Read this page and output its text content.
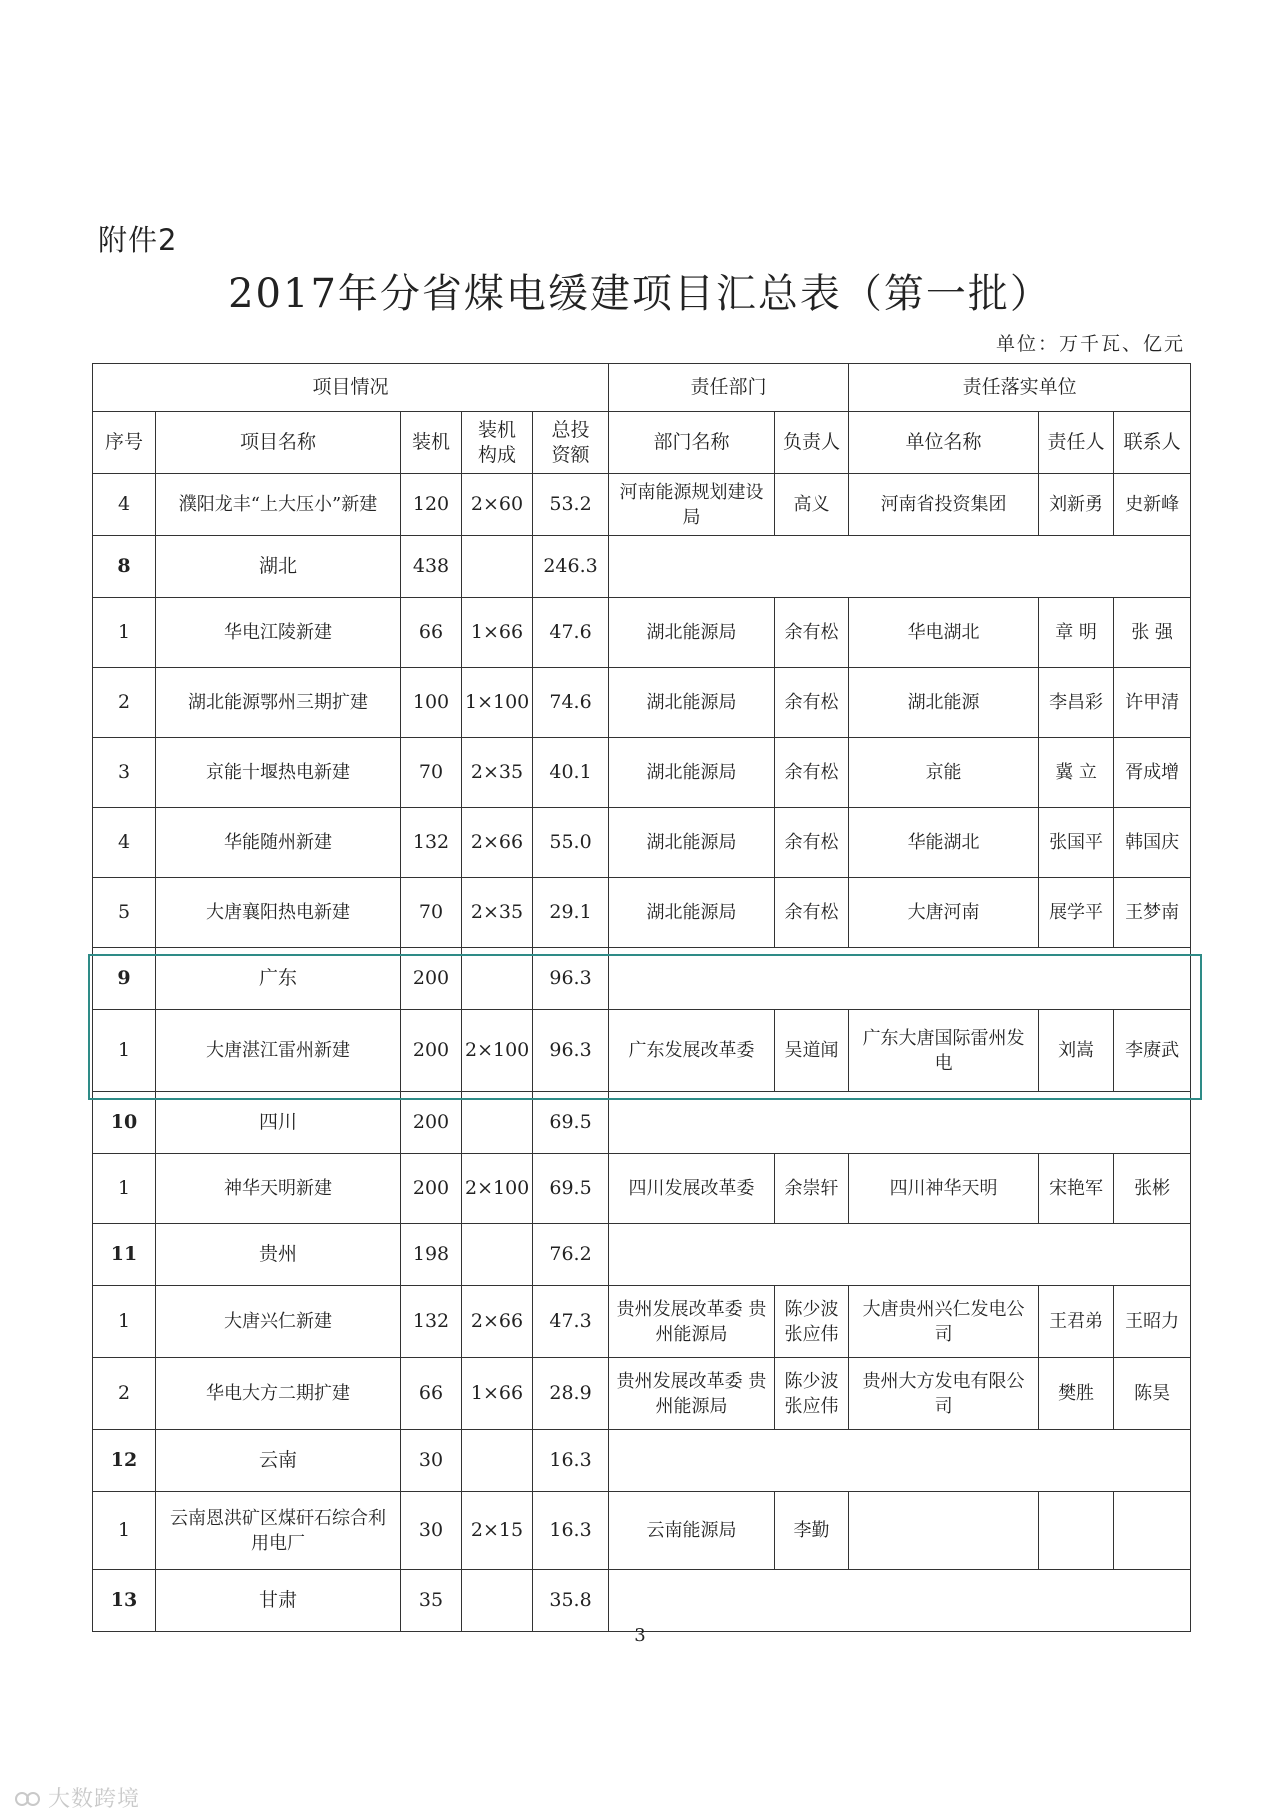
附件2
2017年分省煤电缓建项目汇总表（第一批）
单位：万千瓦、亿元
项目情况					责任部门		责任落实单位		
序号	项目名称	装机	装机构成	总投资额	部门名称	负责人	单位名称	责任人	联系人
4	濮阳龙丰“上大压小”新建	120	2×60	53.2	河南能源规划建设局	高义	河南省投资集团	刘新勇	史新峰
8	湖北	438		246.3					
1	华电江陵新建	66	1×66	47.6	湖北能源局	余有松	华电湖北	章 明	张 强
2	湖北能源鄂州三期扩建	100	1×100	74.6	湖北能源局	余有松	湖北能源	李昌彩	许甲清
3	京能十堰热电新建	70	2×35	40.1	湖北能源局	余有松	京能	冀 立	胥成增
4	华能随州新建	132	2×66	55.0	湖北能源局	余有松	华能湖北	张国平	韩国庆
5	大唐襄阳热电新建	70	2×35	29.1	湖北能源局	余有松	大唐河南	展学平	王梦南
9	广东	200		96.3					
1	大唐湛江雷州新建	200	2×100	96.3	广东发展改革委	吴道闻	广东大唐国际雷州发电	刘嵩	李赓武
10	四川	200		69.5					
1	神华天明新建	200	2×100	69.5	四川发展改革委	余崇轩	四川神华天明	宋艳军	张彬
11	贵州	198		76.2					
1	大唐兴仁新建	132	2×66	47.3	贵州发展改革委 贵州能源局	陈少波 张应伟	大唐贵州兴仁发电公司	王君弟	王昭力
2	华电大方二期扩建	66	1×66	28.9	贵州发展改革委 贵州能源局	陈少波 张应伟	贵州大方发电有限公司	樊胜	陈昊
12	云南	30		16.3					
1	云南恩洪矿区煤矸石综合利用电厂	30	2×15	16.3	云南能源局	李勤			
13	甘肃	35		35.8					
3
大数跨境
